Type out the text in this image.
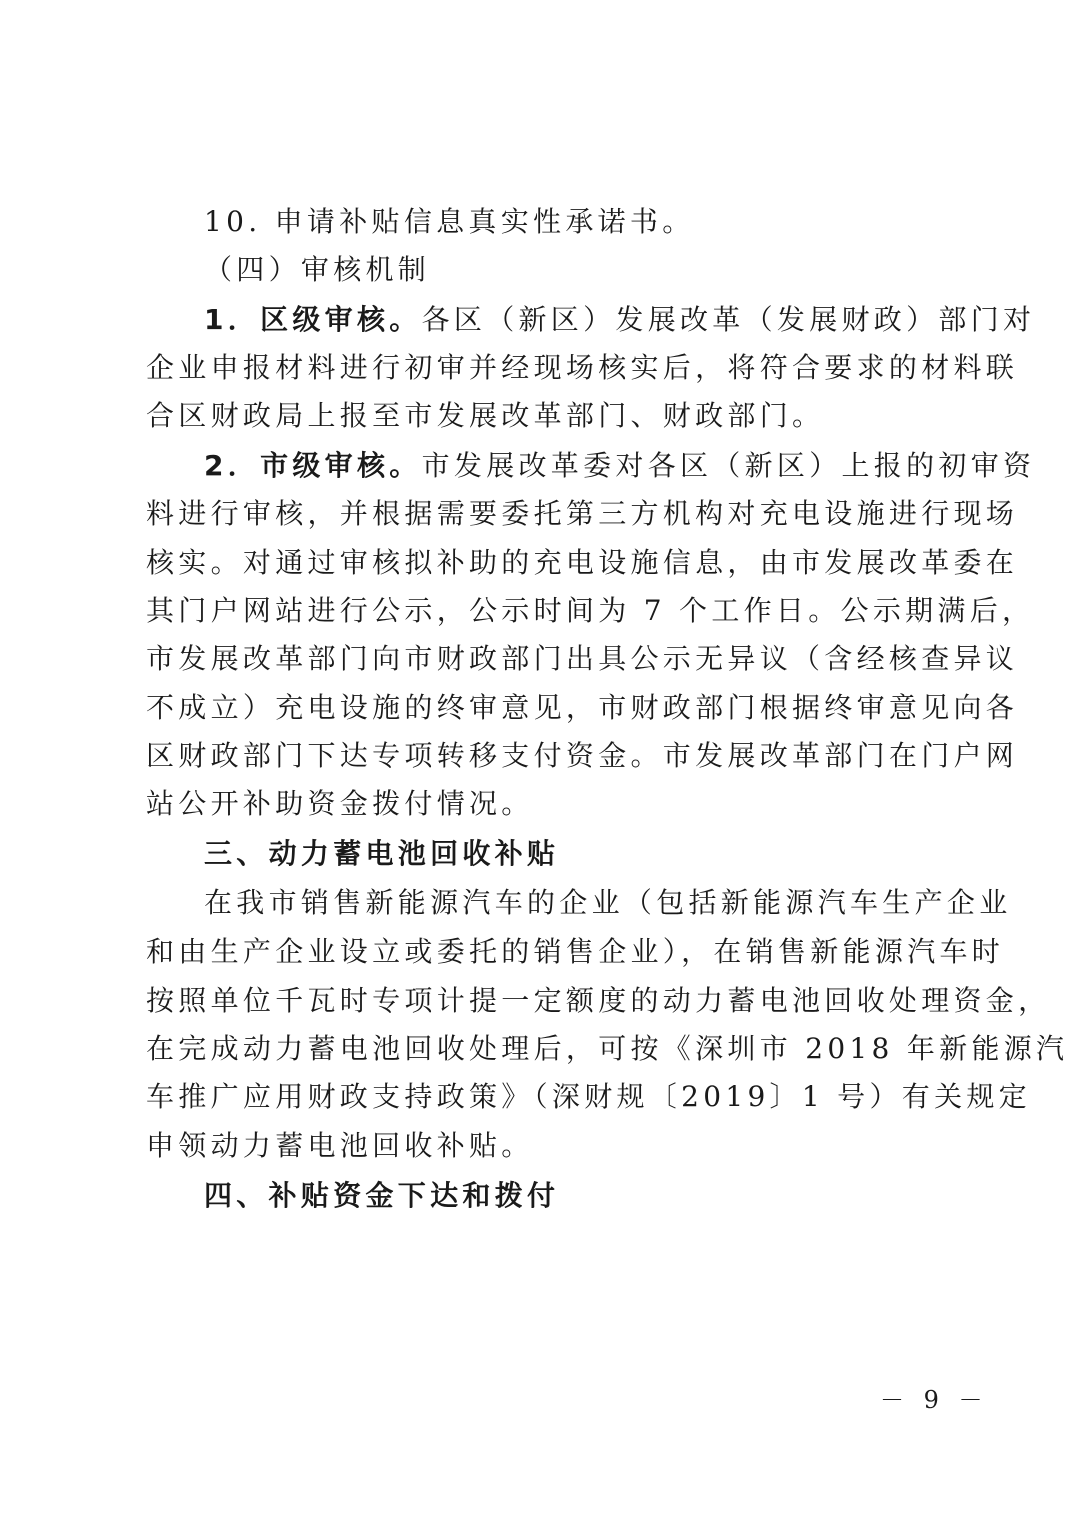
10. 申请补贴信息真实性承诺书。
（四）审核机制
1．区级审核。各区（新区）发展改革（发展财政）部门对
企业申报材料进行初审并经现场核实后，将符合要求的材料联
合区财政局上报至市发展改革部门、财政部门。
2．市级审核。市发展改革委对各区（新区）上报的初审资
料进行审核，并根据需要委托第三方机构对充电设施进行现场
核实。对通过审核拟补助的充电设施信息，由市发展改革委在
其门户网站进行公示，公示时间为 7 个工作日。公示期满后，
市发展改革部门向市财政部门出具公示无异议（含经核查异议
不成立）充电设施的终审意见，市财政部门根据终审意见向各
区财政部门下达专项转移支付资金。市发展改革部门在门户网
站公开补助资金拨付情况。
三、动力蓄电池回收补贴
在我市销售新能源汽车的企业（包括新能源汽车生产企业
和由生产企业设立或委托的销售企业），在销售新能源汽车时
按照单位千瓦时专项计提一定额度的动力蓄电池回收处理资金，
在完成动力蓄电池回收处理后，可按《深圳市 2018 年新能源汽
车推广应用财政支持政策》（深财规〔2019〕1 号）有关规定
申领动力蓄电池回收补贴。
四、补贴资金下达和拨付
－ 9 －
